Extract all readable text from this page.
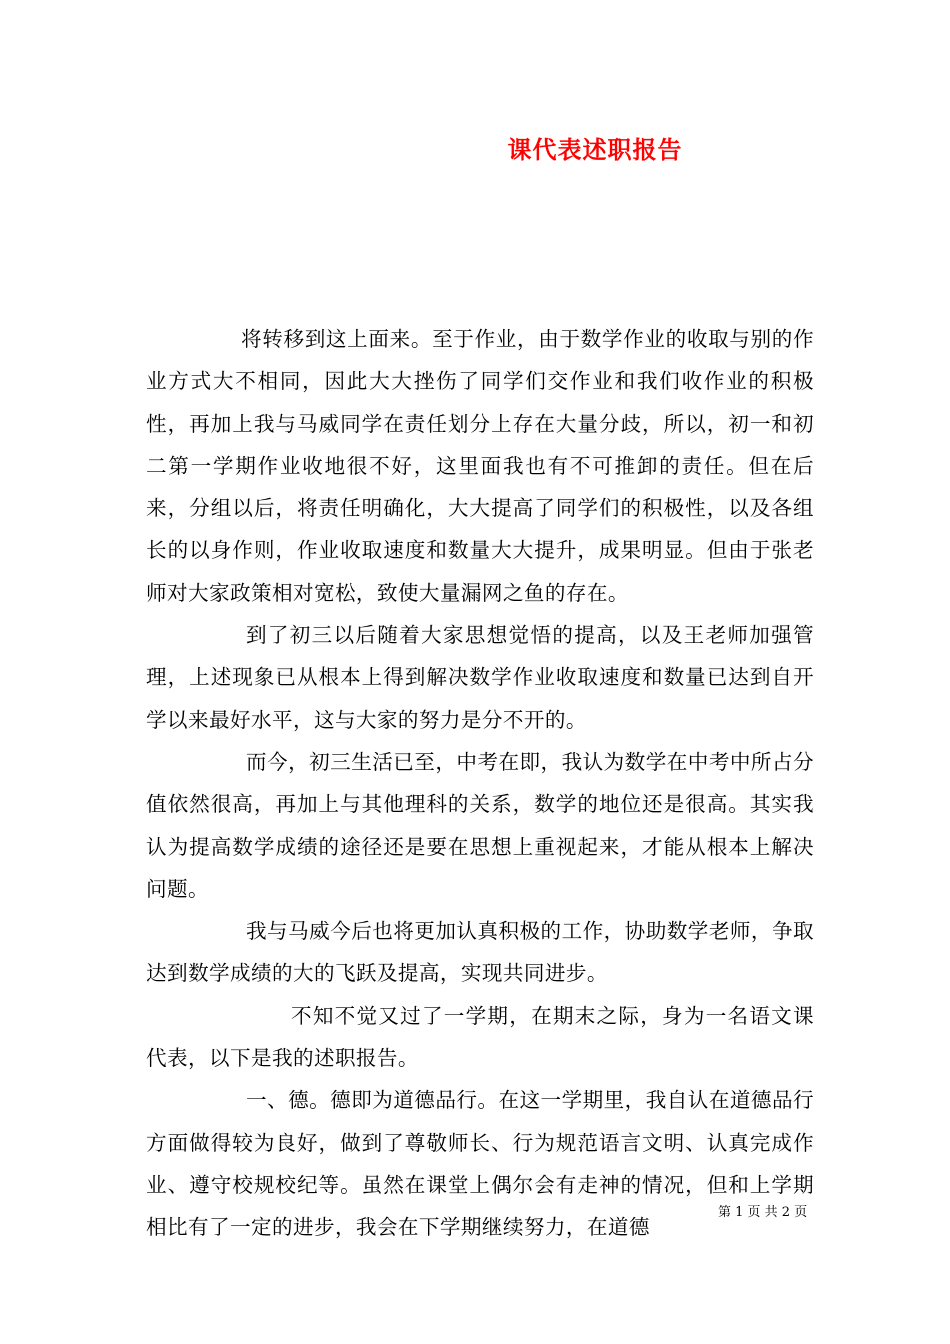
课代表述职报告

将转移到这上面来。至于作业，由于数学作业的收取与别的作业方式大不相同，因此大大挫伤了同学们交作业和我们收作业的积极性，再加上我与马威同学在责任划分上存在大量分歧，所以，初一和初二第一学期作业收地很不好，这里面我也有不可推卸的责任。但在后来，分组以后，将责任明确化，大大提高了同学们的积极性，以及各组长的以身作则，作业收取速度和数量大大提升，成果明显。但由于张老师对大家政策相对宽松，致使大量漏网之鱼的存在。

到了初三以后随着大家思想觉悟的提高，以及王老师加强管理，上述现象已从根本上得到解决数学作业收取速度和数量已达到自开学以来最好水平，这与大家的努力是分不开的。

而今，初三生活已至，中考在即，我认为数学在中考中所占分值依然很高，再加上与其他理科的关系，数学的地位还是很高。其实我认为提高数学成绩的途径还是要在思想上重视起来，才能从根本上解决问题。

我与马威今后也将更加认真积极的工作，协助数学老师，争取达到数学成绩的大的飞跃及提高，实现共同进步。

不知不觉又过了一学期，在期末之际，身为一名语文课代表，以下是我的述职报告。

一、德。德即为道德品行。在这一学期里，我自认在道德品行方面做得较为良好，做到了尊敬师长、行为规范语言文明、认真完成作业、遵守校规校纪等。虽然在课堂上偶尔会有走神的情况，但和上学期相比有了一定的进步，我会在下学期继续努力，在道德

第 1 页 共 2 页
